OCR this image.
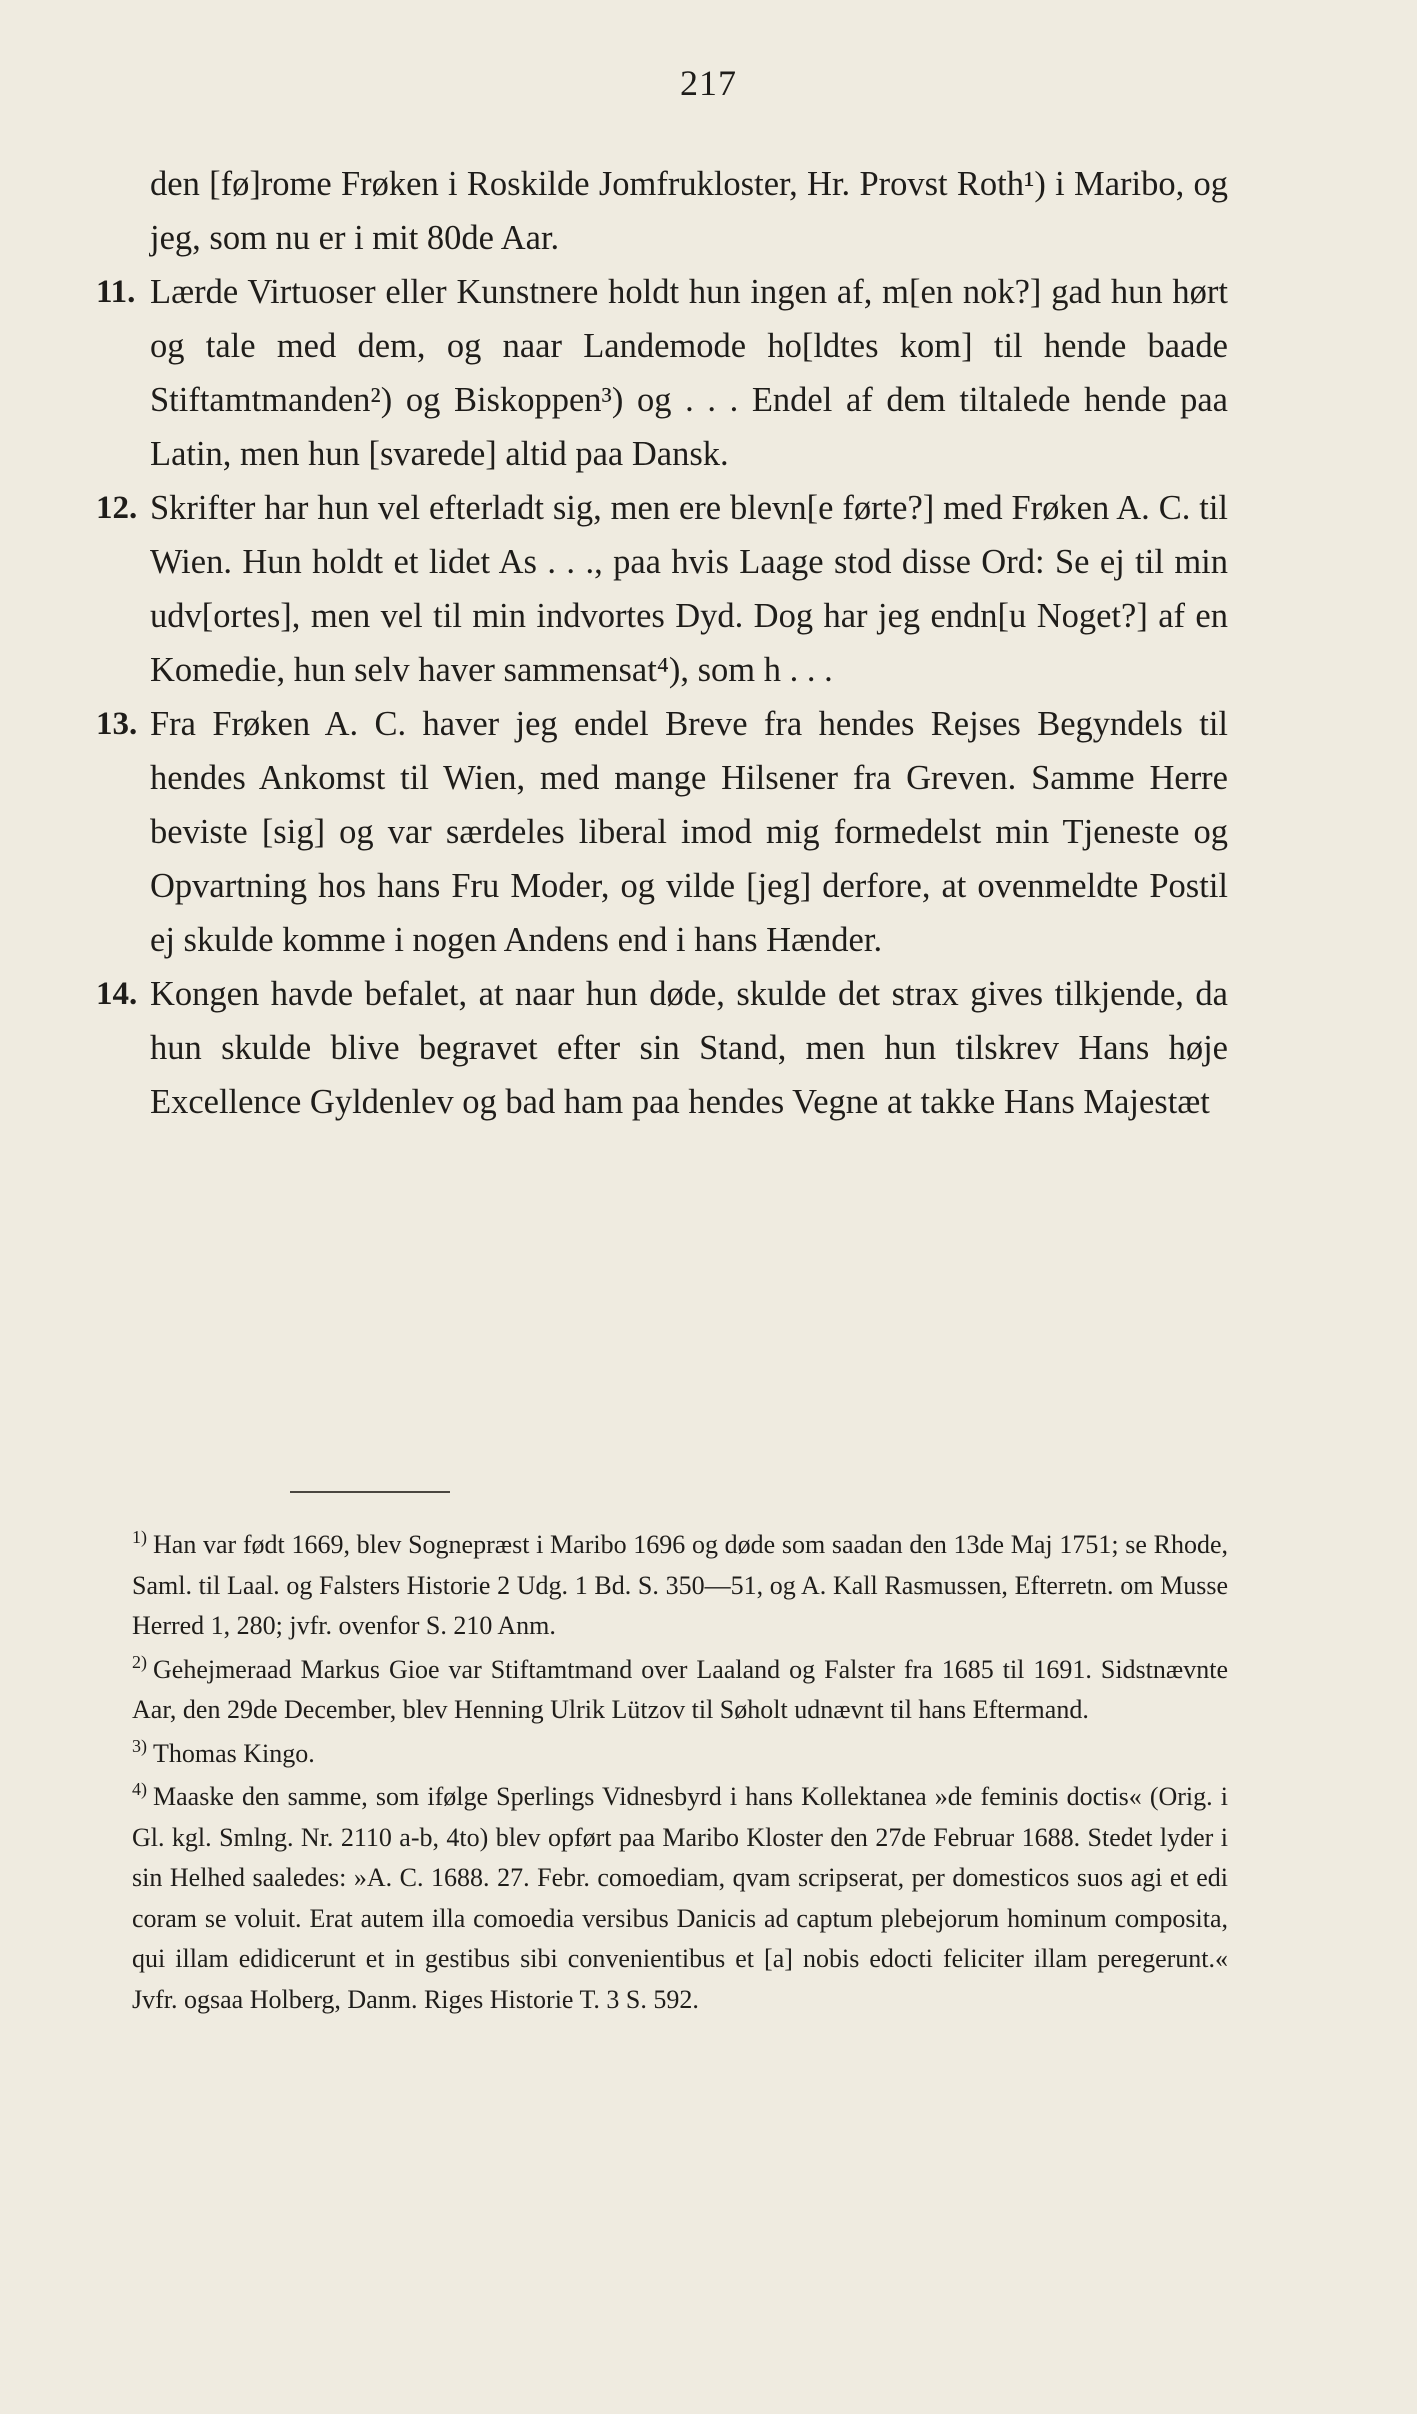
217

den [fø]rome Frøken i Roskilde Jomfrukloster, Hr. Provst Roth¹) i Maribo, og jeg, som nu er i mit 80de Aar.

11. Lærde Virtuoser eller Kunstnere holdt hun ingen af, m[en nok?] gad hun hørt og tale med dem, og naar Landemode ho[ldtes kom] til hende baade Stiftamtmanden²) og Biskoppen³) og . . . Endel af dem tiltalede hende paa Latin, men hun [svarede] altid paa Dansk.

12. Skrifter har hun vel efterladt sig, men ere blevn[e førte?] med Frøken A. C. til Wien. Hun holdt et lidet As . . ., paa hvis Laage stod disse Ord: Se ej til min udv[ortes], men vel til min indvortes Dyd. Dog har jeg endn[u Noget?] af en Komedie, hun selv haver sammensat⁴), som h . . .

13. Fra Frøken A. C. haver jeg endel Breve fra hendes Rejses Begyndels til hendes Ankomst til Wien, med mange Hilsener fra Greven. Samme Herre beviste [sig] og var særdeles liberal imod mig formedelst min Tjeneste og Opvartning hos hans Fru Moder, og vilde [jeg] derfore, at ovenmeldte Postil ej skulde komme i nogen Andens end i hans Hænder.

14. Kongen havde befalet, at naar hun døde, skulde det strax gives tilkjende, da hun skulde blive begravet efter sin Stand, men hun tilskrev Hans høje Excellence Gyldenlev og bad ham paa hendes Vegne at takke Hans Majestæt

$^{1)}$ Han var født 1669, blev Sognepræst i Maribo 1696 og døde som saadan den 13de Maj 1751; se Rhode, Saml. til Laal. og Falsters Historie 2 Udg. 1 Bd. S. 350—51, og A. Kall Rasmussen, Efterretn. om Musse Herred 1, 280; jvfr. ovenfor S. 210 Anm.

$^{2)}$ Gehejmeraad Markus Gioe var Stiftamtmand over Laaland og Falster fra 1685 til 1691. Sidstnævnte Aar, den 29de December, blev Henning Ulrik Lützov til Søholt udnævnt til hans Eftermand.

$^{3)}$ Thomas Kingo.

$^{4)}$ Maaske den samme, som ifølge Sperlings Vidnesbyrd i hans Kollektanea »de feminis doctis« (Orig. i Gl. kgl. Smlng. Nr. 2110 a-b, 4to) blev opført paa Maribo Kloster den 27de Februar 1688. Stedet lyder i sin Helhed saaledes: »A. C. 1688. 27. Febr. comoediam, qvam scripserat, per domesticos suos agi et edi coram se voluit. Erat autem illa comoedia versibus Danicis ad captum plebejorum hominum composita, qui illam edidicerunt et in gestibus sibi convenientibus et [a] nobis edocti feliciter illam peregerunt.« Jvfr. ogsaa Holberg, Danm. Riges Historie T. 3 S. 592.
